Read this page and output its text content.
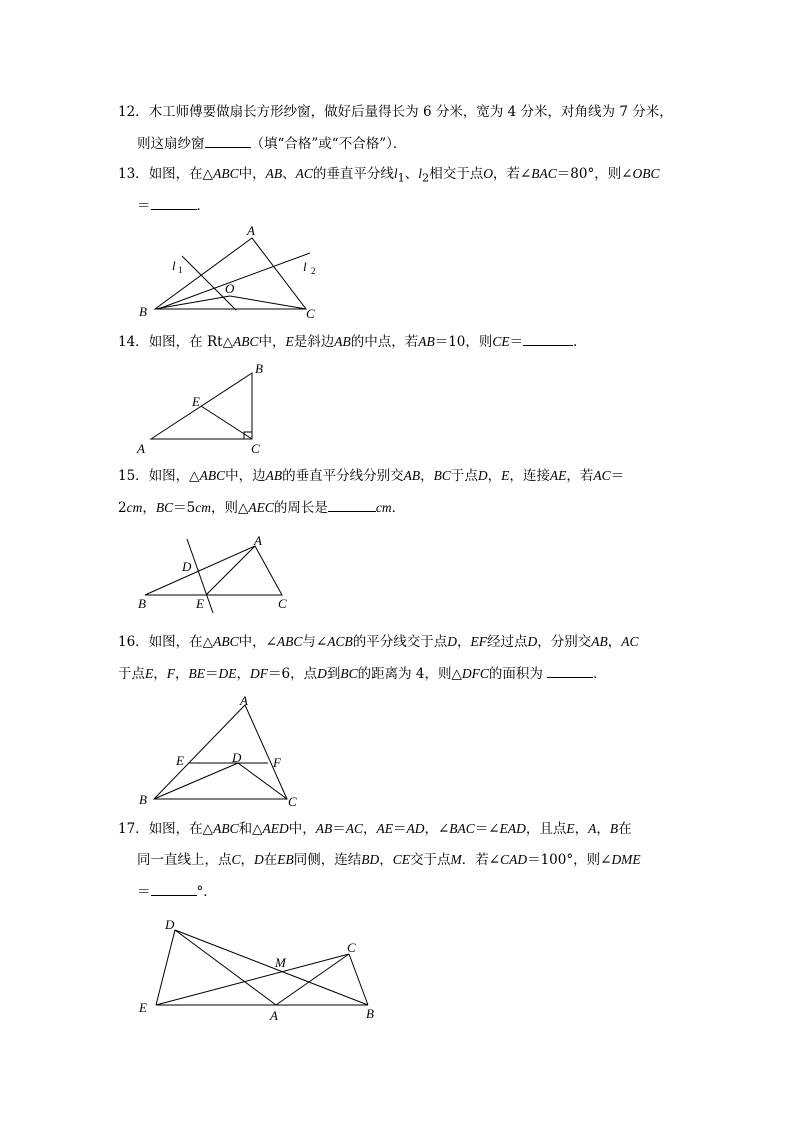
12．木工师傅要做扇长方形纱窗，做好后量得长为 6 分米，宽为 4 分米，对角线为 7 分米，
则这扇纱窗	（填“合格”或“不合格”）．
13．如图，在△ABC中，AB、AC的垂直平分线$l_1$、$l_2$相交于点O，若∠BAC＝80°，则∠OBC
＝	．
A
B	C
O
l 1	l 2
14．如图，在 Rt△ABC中，E是斜边AB的中点，若AB＝10，则CE＝	．
B
A	C
E
15．如图，△ABC中，边AB的垂直平分线分别交AB，BC于点D，E，连接AE，若AC＝
2cm，BC＝5cm，则△AEC的周长是	cm．
A
B	C
D
E
16．如图，在△ABC中，∠ABC与∠ACB的平分线交于点D，EF经过点D，分别交AB，AC
于点E，F，BE＝DE，DF＝6，点D到BC的距离为 4，则△DFC的面积为	．
A
B	C
D
E	F
17．如图，在△ABC和△AED中，AB＝AC，AE＝AD，∠BAC＝∠EAD，且点E，A，B在
同一直线上，点C，D在EB同侧，连结BD，CE交于点M．若∠CAD＝100°，则∠DME
＝	°．
D
C
M
E
A	B
